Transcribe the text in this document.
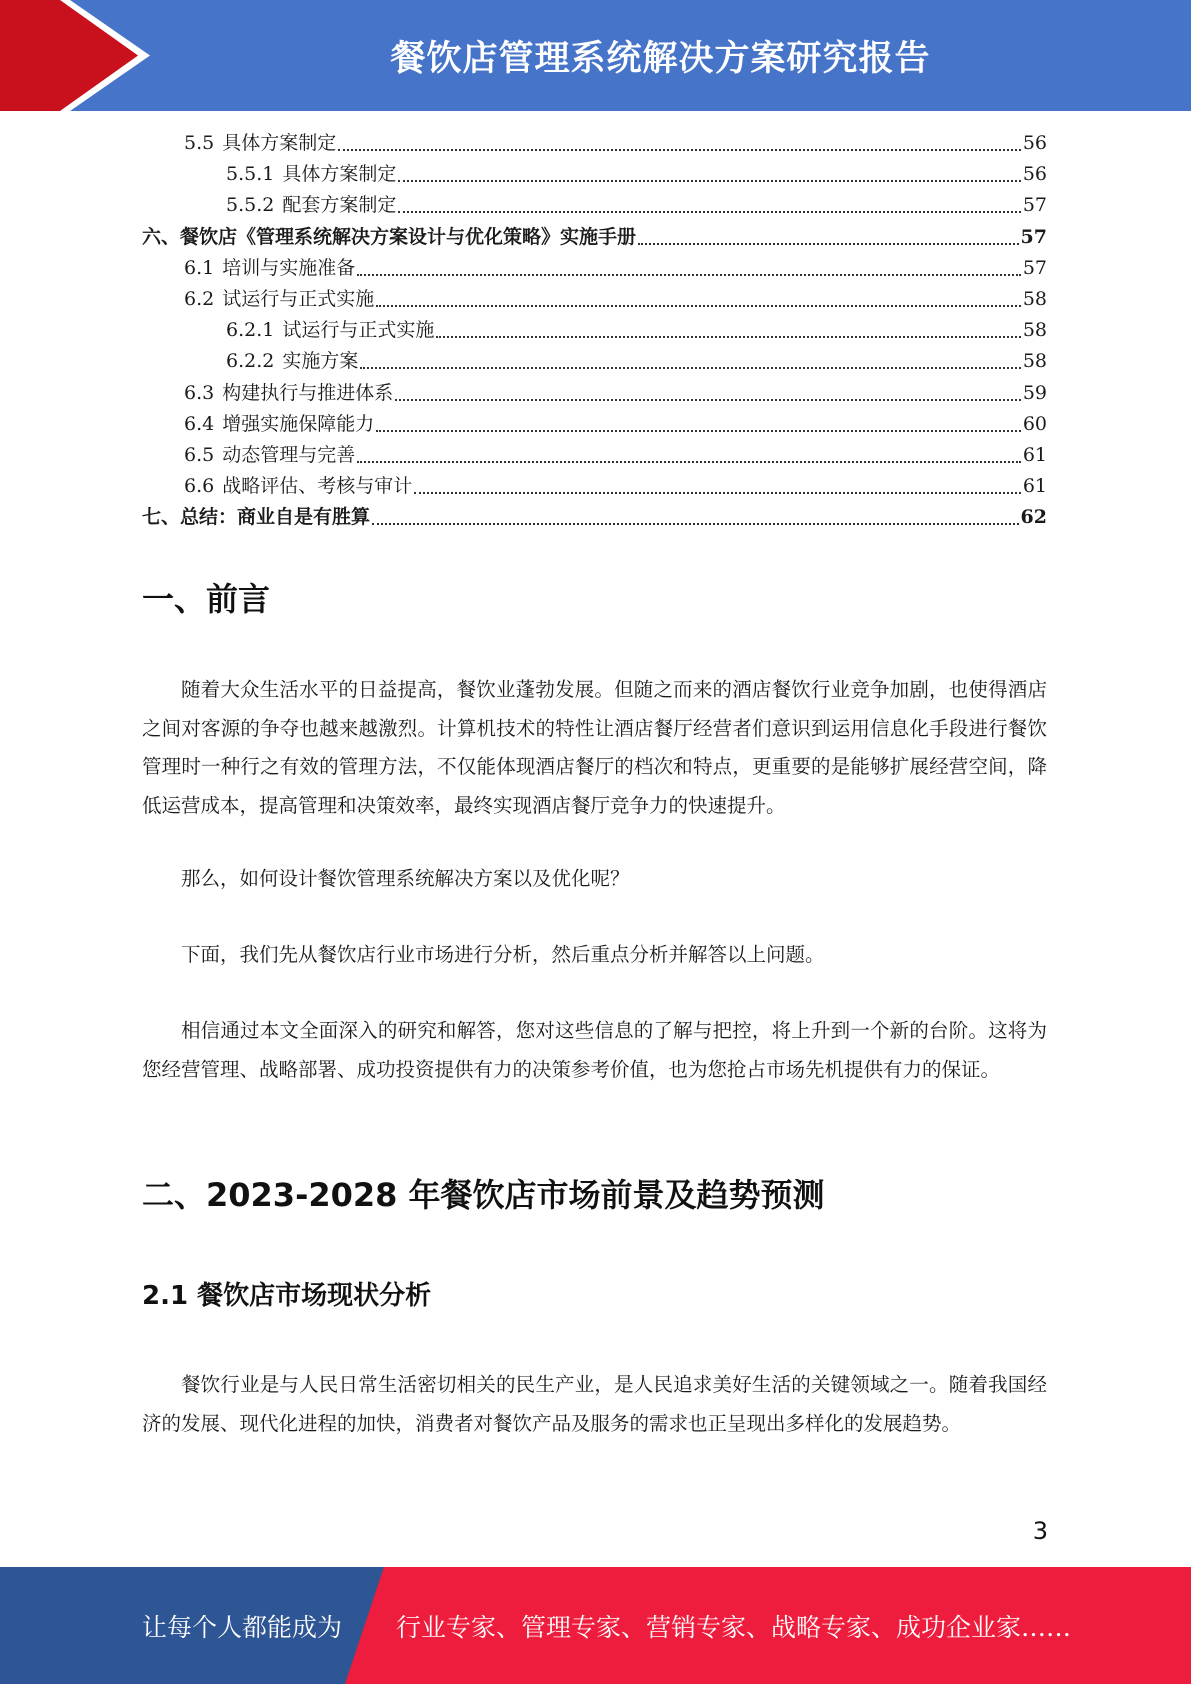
餐饮店管理系统解决方案研究报告
5.5 具体方案制定	56
5.5.1 具体方案制定	56
5.5.2 配套方案制定	57
六、餐饮店《管理系统解决方案设计与优化策略》实施手册	57
6.1 培训与实施准备	57
6.2 试运行与正式实施	58
6.2.1 试运行与正式实施	58
6.2.2 实施方案	58
6.3 构建执行与推进体系	59
6.4 增强实施保障能力	60
6.5 动态管理与完善	61
6.6 战略评估、考核与审计	61
七、总结：商业自是有胜算	62
一、前言

随着大众生活水平的日益提高，餐饮业蓬勃发展。但随之而来的酒店餐饮行业竞争加剧，也使得酒店之间对客源的争夺也越来越激烈。计算机技术的特性让酒店餐厅经营者们意识到运用信息化手段进行餐饮管理时一种行之有效的管理方法，不仅能体现酒店餐厅的档次和特点，更重要的是能够扩展经营空间，降低运营成本，提高管理和决策效率，最终实现酒店餐厅竞争力的快速提升。

那么，如何设计餐饮管理系统解决方案以及优化呢？

下面，我们先从餐饮店行业市场进行分析，然后重点分析并解答以上问题。

相信通过本文全面深入的研究和解答，您对这些信息的了解与把控，将上升到一个新的台阶。这将为您经营管理、战略部署、成功投资提供有力的决策参考价值，也为您抢占市场先机提供有力的保证。

二、2023-2028 年餐饮店市场前景及趋势预测
2.1 餐饮店市场现状分析

餐饮行业是与人民日常生活密切相关的民生产业，是人民追求美好生活的关键领域之一。随着我国经济的发展、现代化进程的加快，消费者对餐饮产品及服务的需求也正呈现出多样化的发展趋势。

3
让每个人都能成为 行业专家、管理专家、营销专家、战略专家、成功企业家……
